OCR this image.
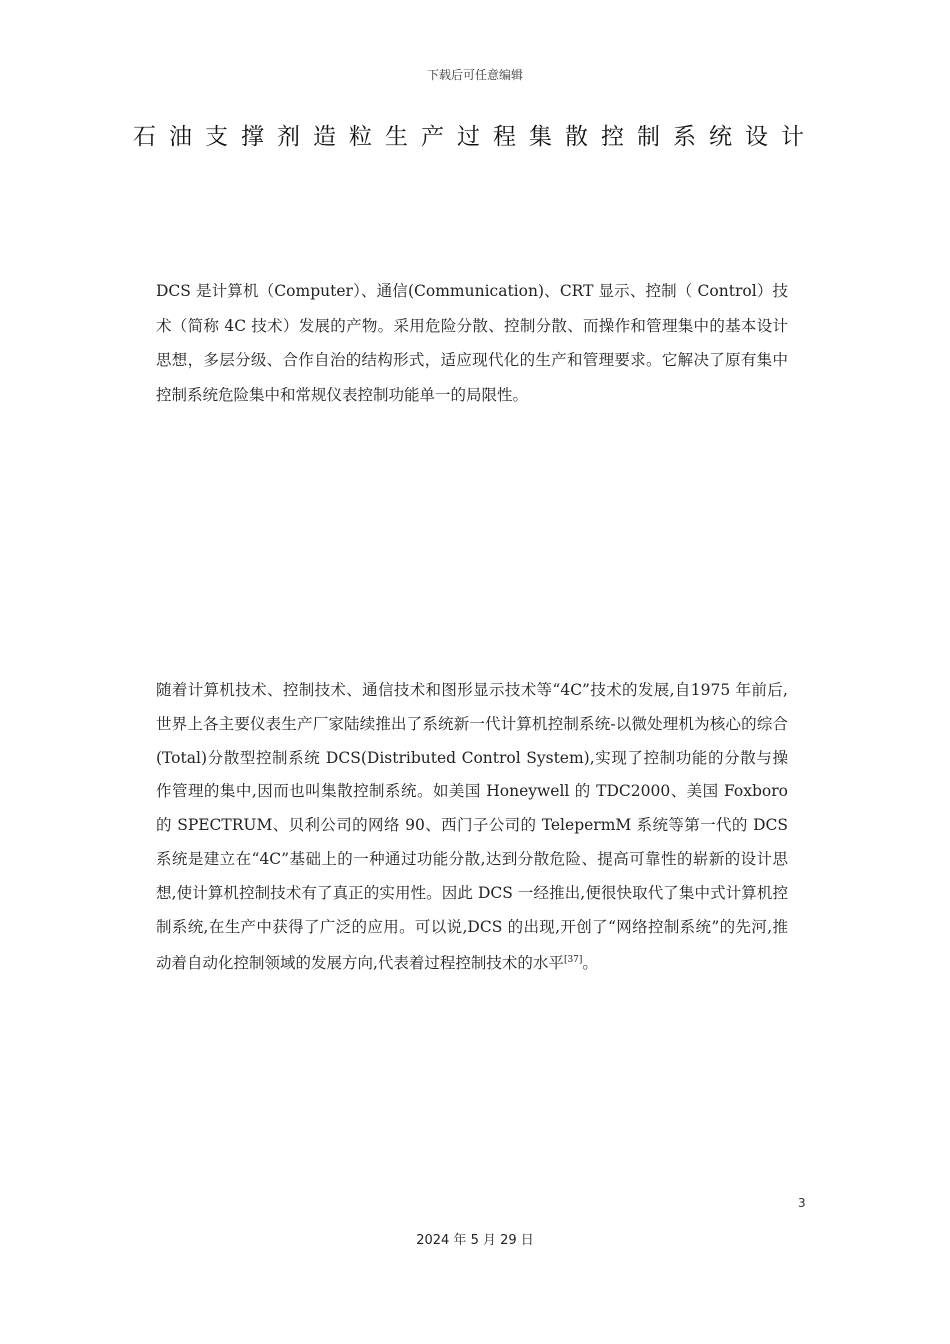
下载后可任意编辑
石油支撑剂造粒生产过程集散控制系统设计

DCS 是计算机（Computer）、通信(Communication)、CRT 显示、控制（ Control）技术（简称 4C 技术）发展的产物。采用危险分散、控制分散、而操作和管理集中的基本设计思想，多层分级、合作自治的结构形式，适应现代化的生产和管理要求。它解决了原有集中控制系统危险集中和常规仪表控制功能单一的局限性。

随着计算机技术、控制技术、通信技术和图形显示技术等“4C”技术的发展,自1975 年前后,世界上各主要仪表生产厂家陆续推出了系统新一代计算机控制系统-以微处理机为核心的综合(Total)分散型控制系统 DCS(Distributed Control System),实现了控制功能的分散与操作管理的集中,因而也叫集散控制系统。如美国 Honeywell 的 TDC2000、美国 Foxboro 的 SPECTRUM、贝利公司的网络 90、西门子公司的 TelepermM 系统等第一代的 DCS 系统是建立在“4C”基础上的一种通过功能分散,达到分散危险、提高可靠性的崭新的设计思想,使计算机控制技术有了真正的实用性。因此 DCS 一经推出,便很快取代了集中式计算机控制系统,在生产中获得了广泛的应用。可以说,DCS 的出现,开创了“网络控制系统”的先河,推动着自动化控制领域的发展方向,代表着过程控制技术的水平[37]。

3
2024 年 5 月 29 日
